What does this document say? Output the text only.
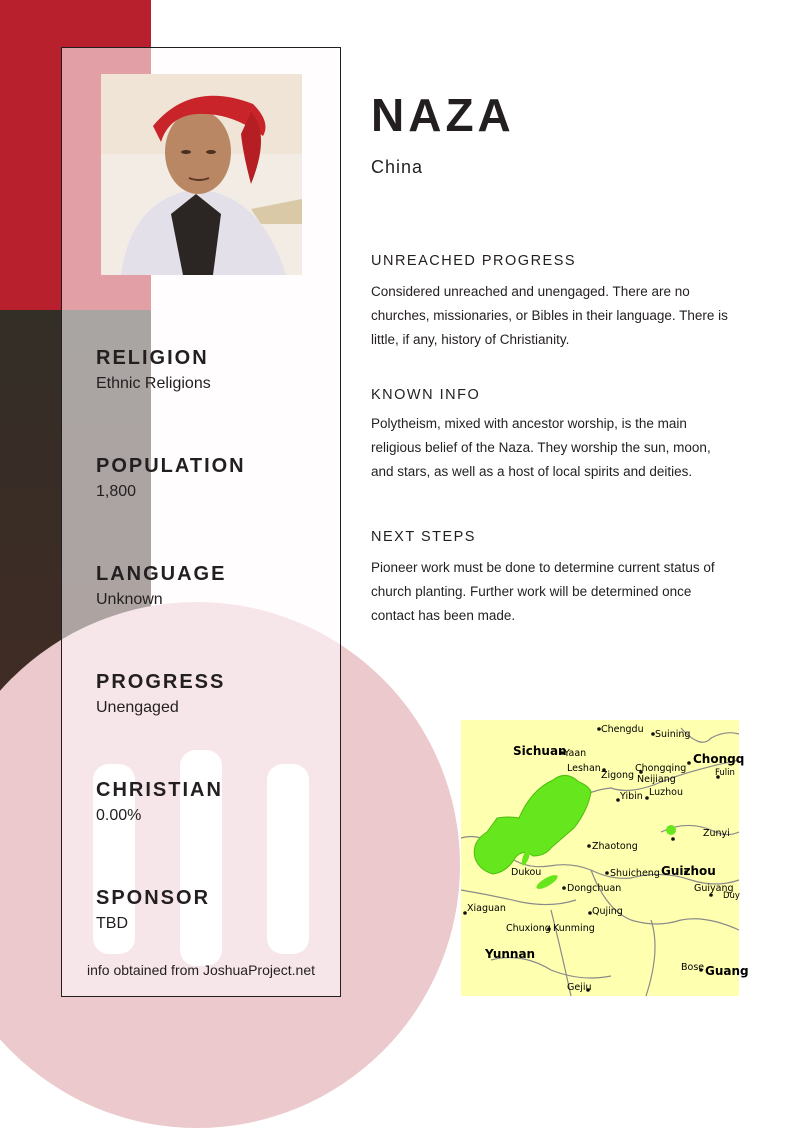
RELIGION
Ethnic Religions
POPULATION
1,800
LANGUAGE
Unknown
PROGRESS
Unengaged
CHRISTIAN
0.00%
SPONSOR
TBD
info obtained from JoshuaProject.net
NAZA
China
UNREACHED PROGRESS
Considered unreached and unengaged. There are no churches, missionaries, or Bibles in their language. There is little, if any, history of Christianity.
KNOWN INFO
Polytheism, mixed with ancestor worship, is the main religious belief of the Naza. They worship the sun, moon, and stars, as well as a host of local spirits and deities.
NEXT STEPS
Pioneer work must be done to determine current status of church planting. Further work will be determined once contact has been made.
Chengdu Suining
Sichuan
Yaan	Chongq
Leshan	Chongqing	Fulin
Zigong Neijiang
Yibin Luzhou
Zunyi
Zhaotong
Dukou	Shuicheng Guizhou
Dongchuan	Guiyang
Duy
Xiaguan	Qujing
Chuxiong Kunming
Yunnan
Bose Guang
Gejiu
